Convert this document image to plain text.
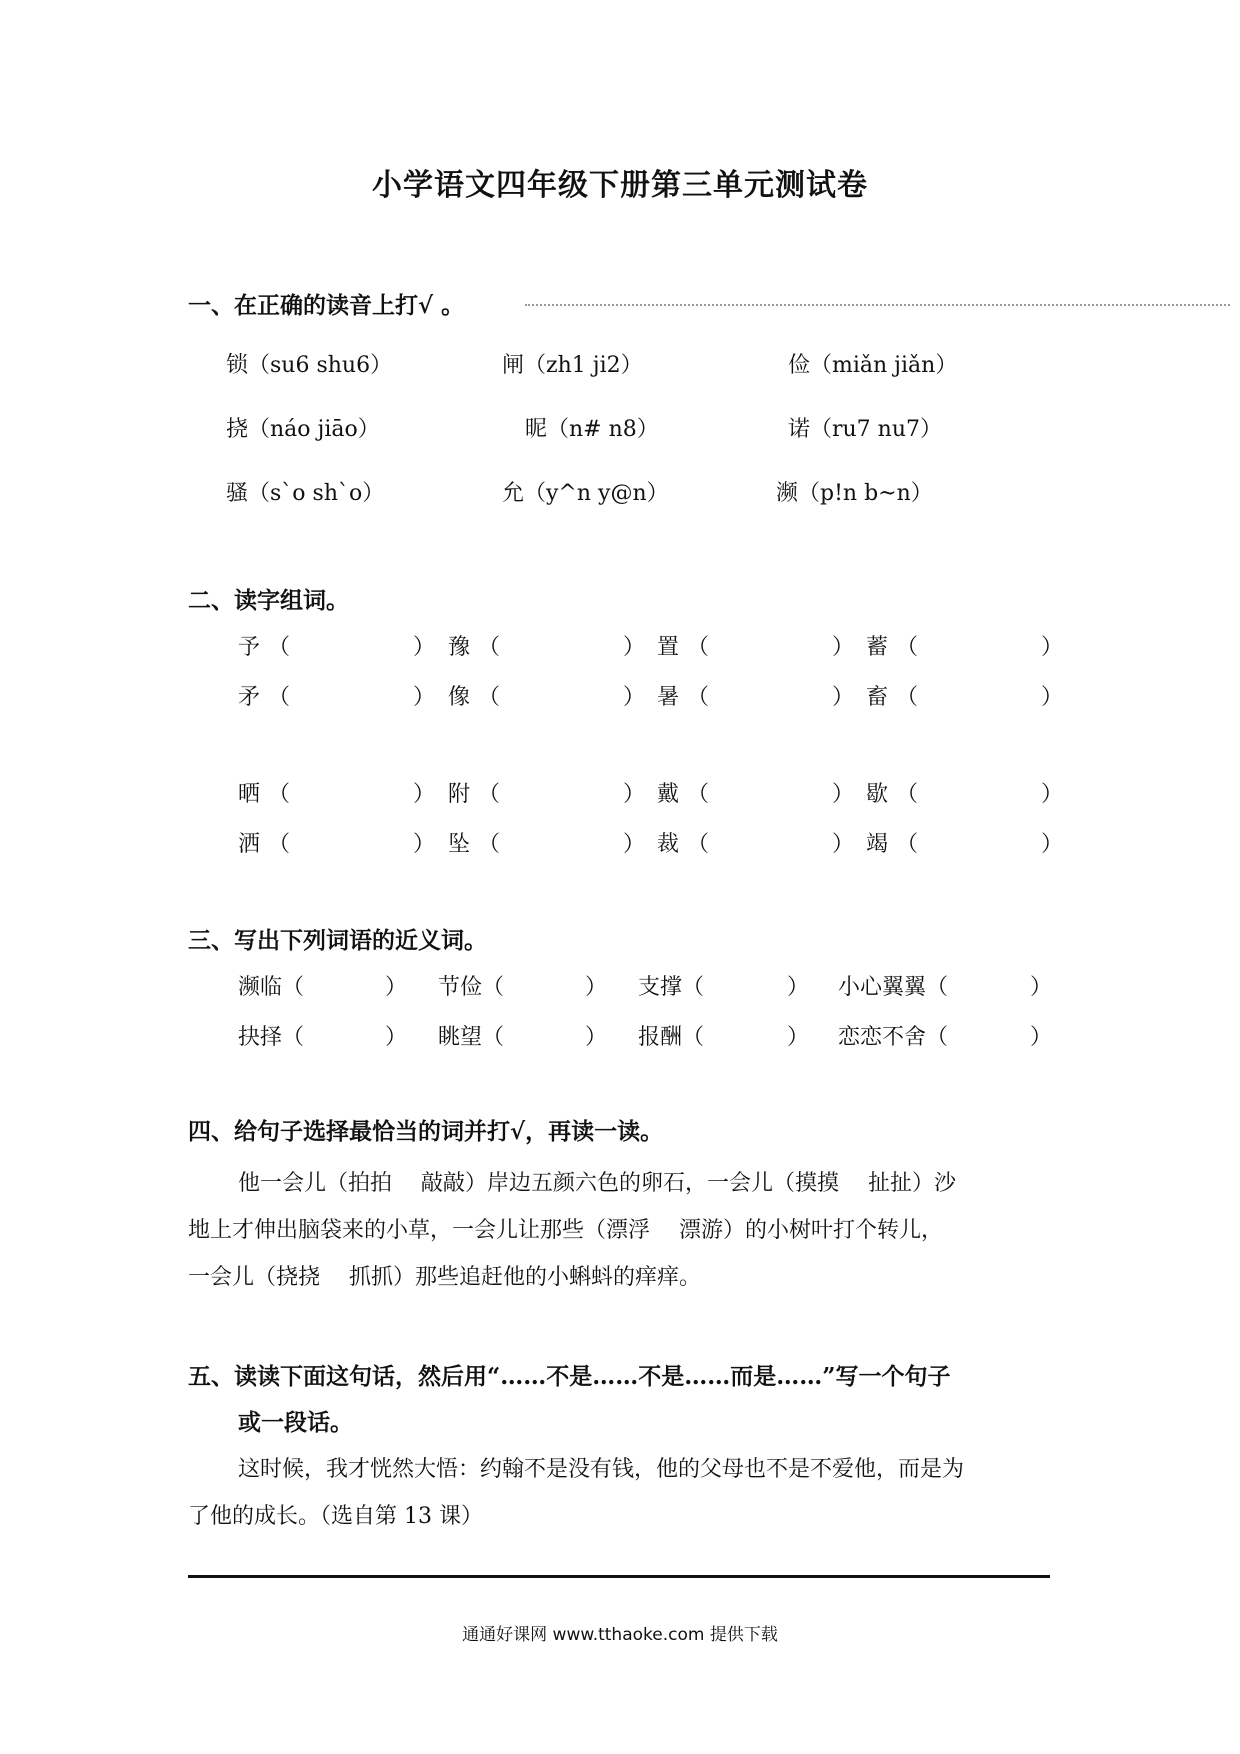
小学语文四年级下册第三单元测试卷
一、在正确的读音上打√ 。
锁（su6 shu6）	闸（zh1 ji2）	俭（miǎn jiǎn）
挠（náo jiāo）	昵（n# n8）	诺（ru7 nu7）
骚（s`o sh`o）	允（y^n y@n）	濒（p!n b~n）
二、读字组词。
予 （	） 豫 （	） 置 （	） 蓄 （	）
矛 （	） 像 （	） 暑 （	） 畜 （	）
晒 （	） 附 （	） 戴 （	） 歇 （	）
洒 （	） 坠 （	） 裁 （	） 竭 （	）
三、写出下列词语的近义词。
濒临（	） 节俭（	） 支撑（	） 小心翼翼（	）
抉择（	） 眺望（	） 报酬（	） 恋恋不舍（	）
四、给句子选择最恰当的词并打√，再读一读。
他一会儿（拍拍　 敲敲）岸边五颜六色的卵石，一会儿（摸摸　 扯扯）沙
地上才伸出脑袋来的小草，一会儿让那些（漂浮　 漂游）的小树叶打个转儿，
一会儿（挠挠　 抓抓）那些追赶他的小蝌蚪的痒痒。
五、读读下面这句话，然后用“……不是……不是……而是……”写一个句子
或一段话。
这时候，我才恍然大悟：约翰不是没有钱，他的父母也不是不爱他，而是为
了他的成长。（选自第 13 课）
通通好课网 www.tthaoke.com 提供下载
